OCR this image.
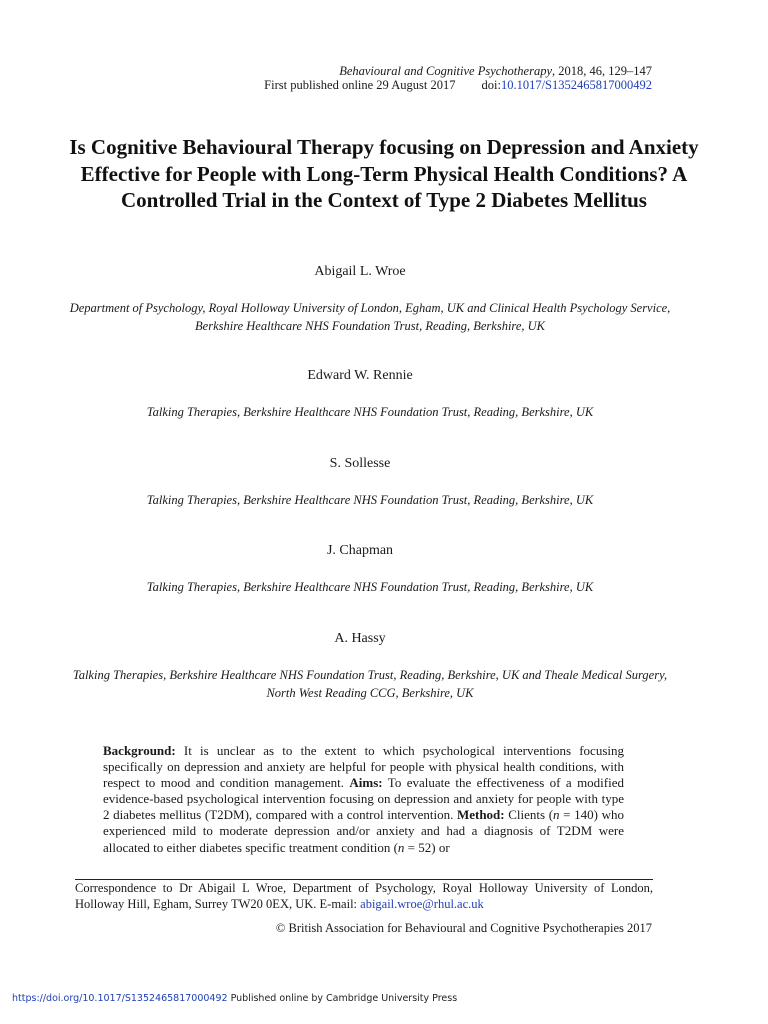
Behavioural and Cognitive Psychotherapy, 2018, 46, 129–147
First published online 29 August 2017 doi:10.1017/S1352465817000492
Is Cognitive Behavioural Therapy focusing on Depression and Anxiety Effective for People with Long-Term Physical Health Conditions? A Controlled Trial in the Context of Type 2 Diabetes Mellitus
Abigail L. Wroe
Department of Psychology, Royal Holloway University of London, Egham, UK and Clinical Health Psychology Service, Berkshire Healthcare NHS Foundation Trust, Reading, Berkshire, UK
Edward W. Rennie
Talking Therapies, Berkshire Healthcare NHS Foundation Trust, Reading, Berkshire, UK
S. Sollesse
Talking Therapies, Berkshire Healthcare NHS Foundation Trust, Reading, Berkshire, UK
J. Chapman
Talking Therapies, Berkshire Healthcare NHS Foundation Trust, Reading, Berkshire, UK
A. Hassy
Talking Therapies, Berkshire Healthcare NHS Foundation Trust, Reading, Berkshire, UK and Theale Medical Surgery, North West Reading CCG, Berkshire, UK
Background: It is unclear as to the extent to which psychological interventions focusing specifically on depression and anxiety are helpful for people with physical health conditions, with respect to mood and condition management. Aims: To evaluate the effectiveness of a modified evidence-based psychological intervention focusing on depression and anxiety for people with type 2 diabetes mellitus (T2DM), compared with a control intervention. Method: Clients (n = 140) who experienced mild to moderate depression and/or anxiety and had a diagnosis of T2DM were allocated to either diabetes specific treatment condition (n = 52) or
Correspondence to Dr Abigail L Wroe, Department of Psychology, Royal Holloway University of London, Holloway Hill, Egham, Surrey TW20 0EX, UK. E-mail: abigail.wroe@rhul.ac.uk
© British Association for Behavioural and Cognitive Psychotherapies 2017
https://doi.org/10.1017/S1352465817000492 Published online by Cambridge University Press
